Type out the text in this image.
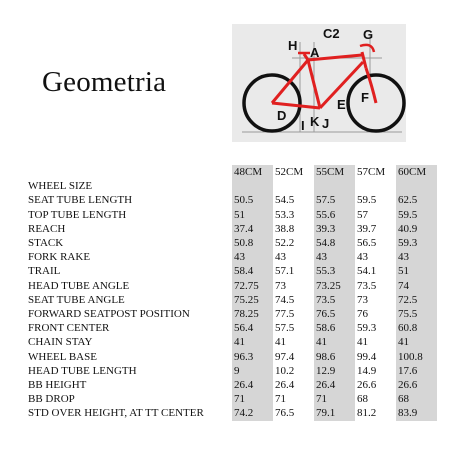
Geometria
C2 G
H A
E F
D
I K J
	48CM	52CM	55CM	57CM	60CM
WHEEL SIZE					
SEAT TUBE LENGTH	50.5	54.5	57.5	59.5	62.5
TOP TUBE LENGTH	51	53.3	55.6	57	59.5
REACH	37.4	38.8	39.3	39.7	40.9
STACK	50.8	52.2	54.8	56.5	59.3
FORK RAKE	43	43	43	43	43
TRAIL	58.4	57.1	55.3	54.1	51
HEAD TUBE ANGLE	72.75	73	73.25	73.5	74
SEAT TUBE ANGLE	75.25	74.5	73.5	73	72.5
FORWARD SEATPOST POSITION	78.25	77.5	76.5	76	75.5
FRONT CENTER	56.4	57.5	58.6	59.3	60.8
CHAIN STAY	41	41	41	41	41
WHEEL BASE	96.3	97.4	98.6	99.4	100.8
HEAD TUBE LENGTH	9	10.2	12.9	14.9	17.6
BB HEIGHT	26.4	26.4	26.4	26.6	26.6
BB DROP	71	71	71	68	68
STD OVER HEIGHT, AT TT CENTER	74.2	76.5	79.1	81.2	83.9
